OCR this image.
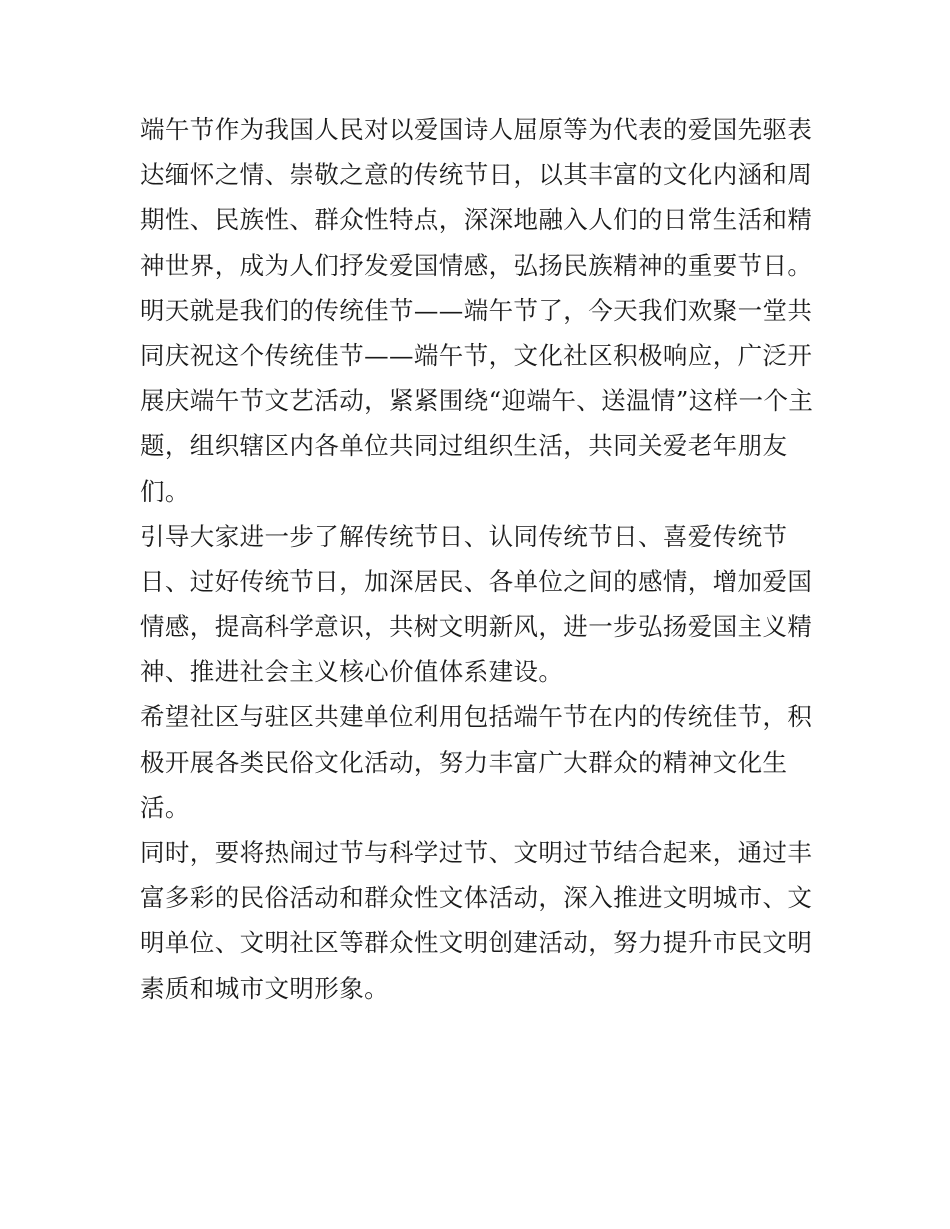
端午节作为我国人民对以爱国诗人屈原等为代表的爱国先驱表
达缅怀之情、崇敬之意的传统节日，以其丰富的文化内涵和周
期性、民族性、群众性特点，深深地融入人们的日常生活和精
神世界，成为人们抒发爱国情感，弘扬民族精神的重要节日。
明天就是我们的传统佳节——端午节了，今天我们欢聚一堂共
同庆祝这个传统佳节——端午节，文化社区积极响应，广泛开
展庆端午节文艺活动，紧紧围绕“迎端午、送温情”这样一个主
题，组织辖区内各单位共同过组织生活，共同关爱老年朋友
们。
引导大家进一步了解传统节日、认同传统节日、喜爱传统节
日、过好传统节日，加深居民、各单位之间的感情，增加爱国
情感，提高科学意识，共树文明新风，进一步弘扬爱国主义精
神、推进社会主义核心价值体系建设。
希望社区与驻区共建单位利用包括端午节在内的传统佳节，积
极开展各类民俗文化活动，努力丰富广大群众的精神文化生
活。
同时，要将热闹过节与科学过节、文明过节结合起来，通过丰
富多彩的民俗活动和群众性文体活动，深入推进文明城市、文
明单位、文明社区等群众性文明创建活动，努力提升市民文明
素质和城市文明形象。
